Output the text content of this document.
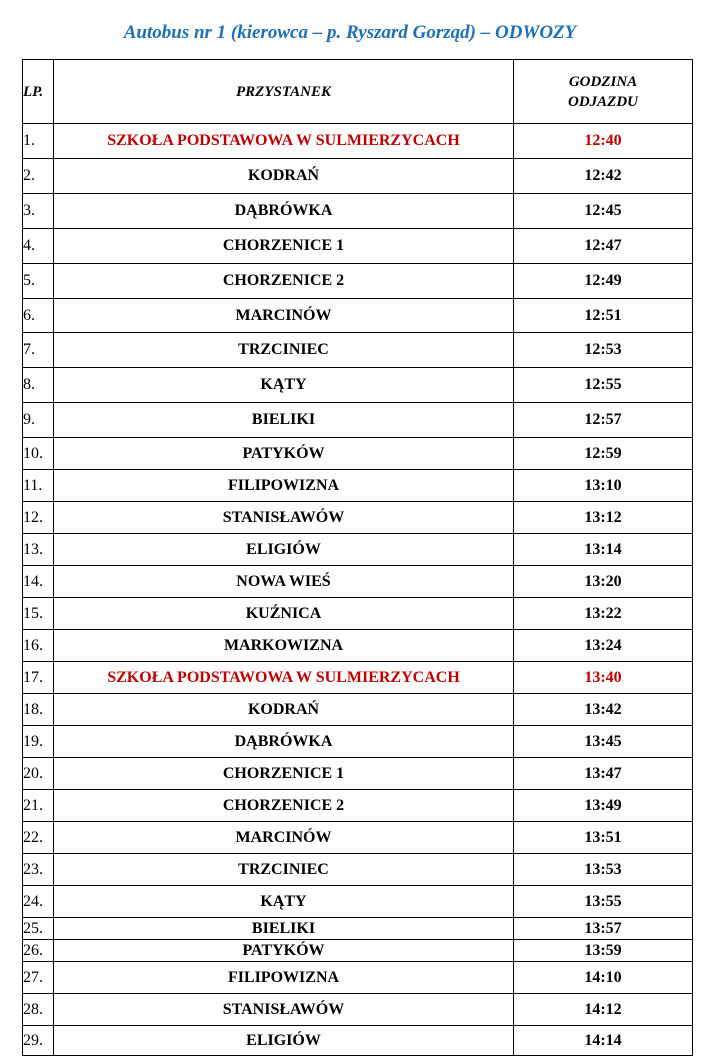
Autobus nr 1 (kierowca – p. Ryszard Gorząd) – ODWOZY
LP.	PRZYSTANEK	GODZINA
ODJAZDU
1.	SZKOŁA PODSTAWOWA W SULMIERZYCACH	12:40
2.	KODRAŃ	12:42
3.	DĄBRÓWKA	12:45
4.	CHORZENICE 1	12:47
5.	CHORZENICE 2	12:49
6.	MARCINÓW	12:51
7.	TRZCINIEC	12:53
8.	KĄTY	12:55
9.	BIELIKI	12:57
10.	PATYKÓW	12:59
11.	FILIPOWIZNA	13:10
12.	STANISŁAWÓW	13:12
13.	ELIGIÓW	13:14
14.	NOWA WIEŚ	13:20
15.	KUŹNICA	13:22
16.	MARKOWIZNA	13:24
17.	SZKOŁA PODSTAWOWA W SULMIERZYCACH	13:40
18.	KODRAŃ	13:42
19.	DĄBRÓWKA	13:45
20.	CHORZENICE 1	13:47
21.	CHORZENICE 2	13:49
22.	MARCINÓW	13:51
23.	TRZCINIEC	13:53
24.	KĄTY	13:55
25.	BIELIKI	13:57
26.	PATYKÓW	13:59
27.	FILIPOWIZNA	14:10
28.	STANISŁAWÓW	14:12
29.	ELIGIÓW	14:14
